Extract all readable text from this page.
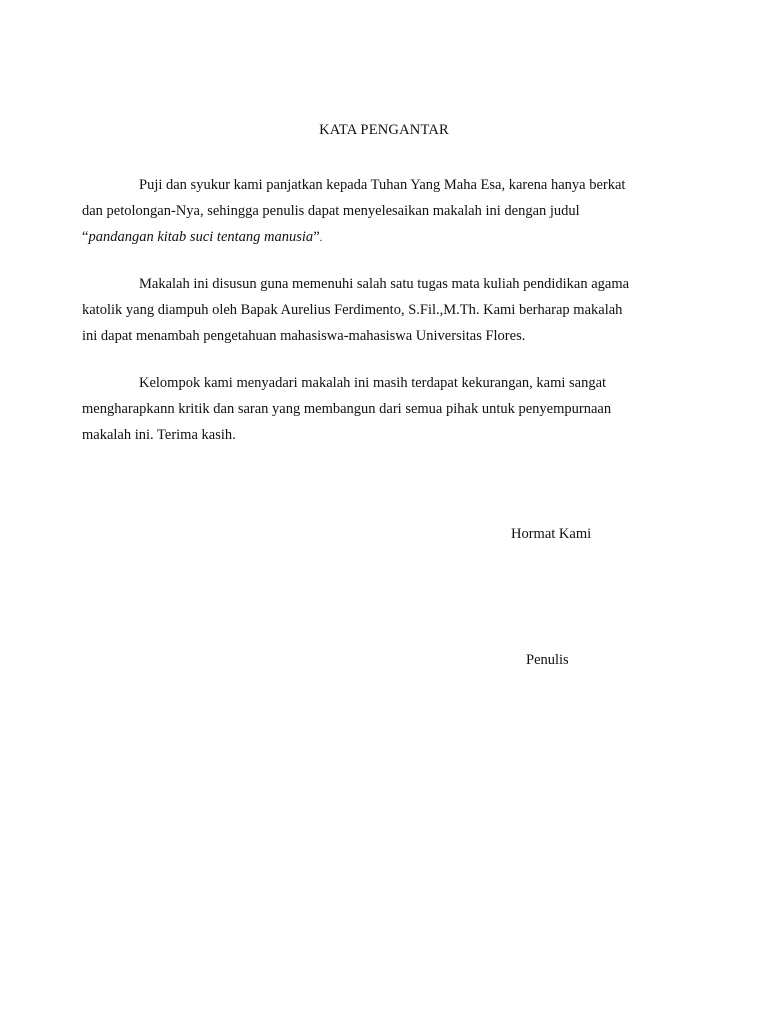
KATA PENGANTAR
Puji dan syukur kami panjatkan kepada Tuhan Yang Maha Esa, karena hanya berkat
dan petolongan-Nya, sehingga penulis dapat menyelesaikan makalah ini dengan judul
“pandangan kitab suci tentang manusia”.
Makalah ini disusun guna memenuhi salah satu tugas mata kuliah pendidikan agama
katolik yang diampuh oleh Bapak Aurelius Ferdimento, S.Fil.,M.Th. Kami berharap makalah
ini dapat menambah pengetahuan mahasiswa-mahasiswa Universitas Flores.
Kelompok kami menyadari makalah ini masih terdapat kekurangan, kami sangat
mengharapkann kritik dan saran yang membangun dari semua pihak untuk penyempurnaan
makalah ini. Terima kasih.
Hormat Kami
Penulis
